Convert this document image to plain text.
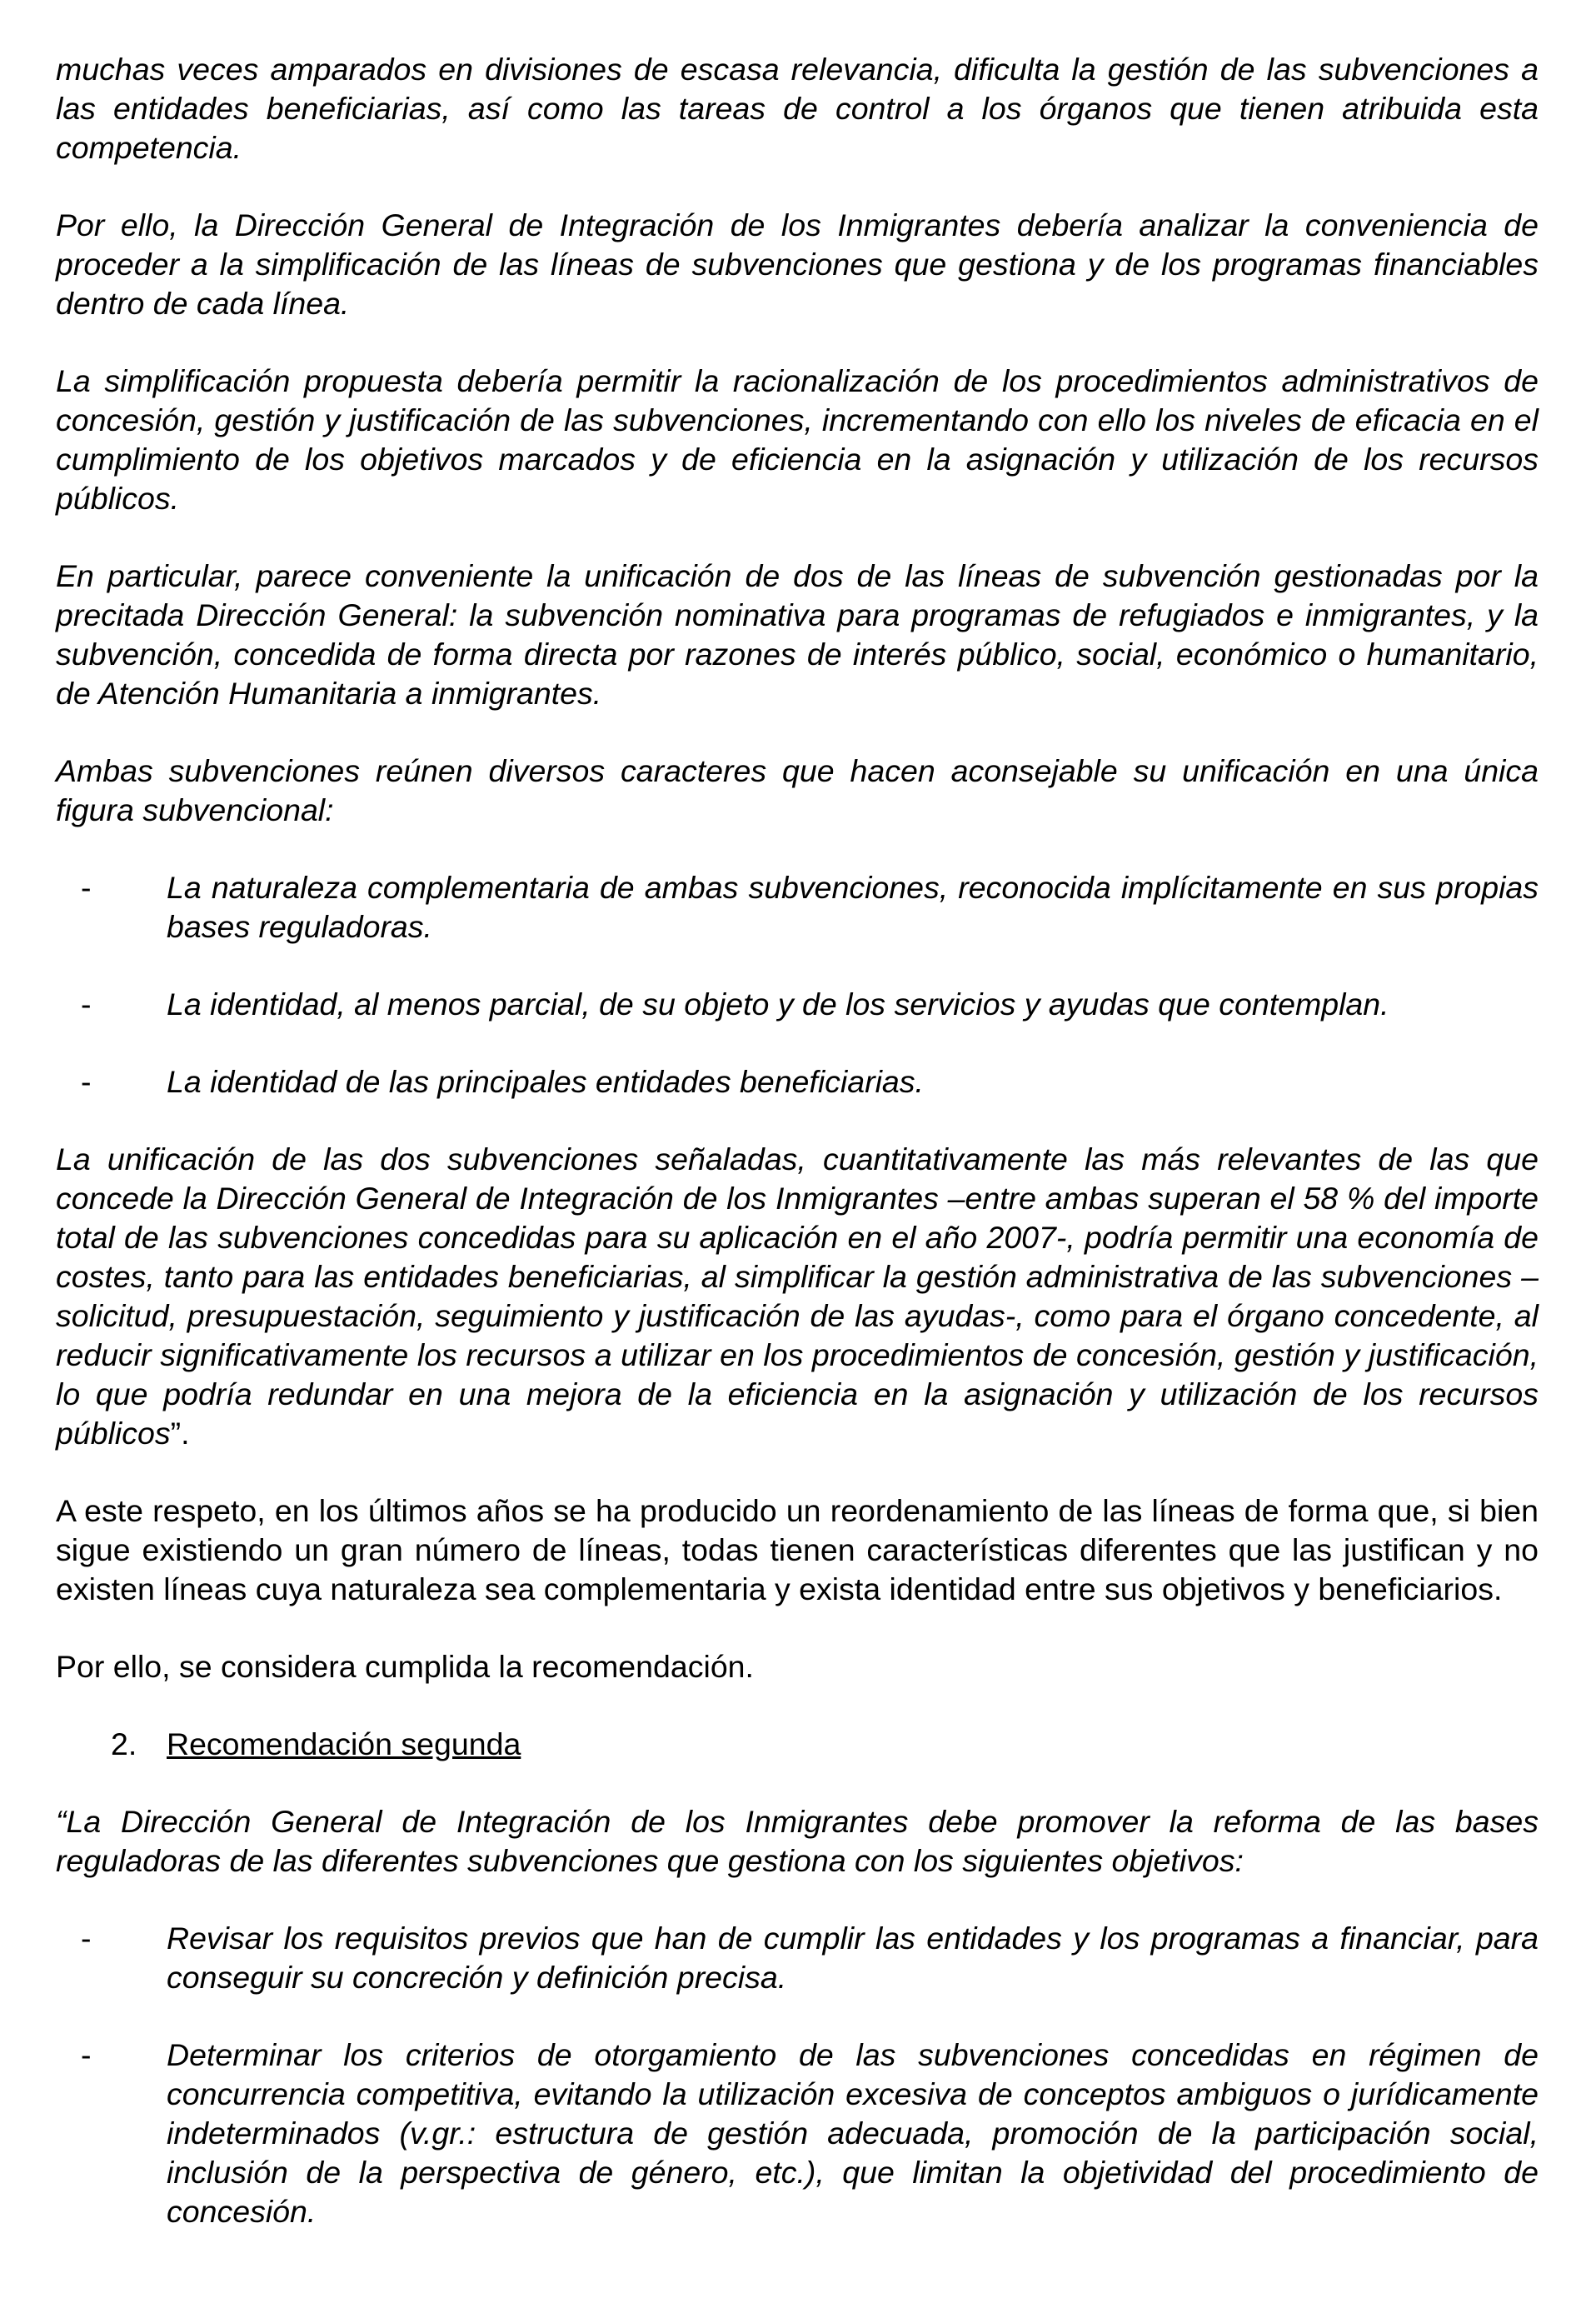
muchas veces amparados en divisiones de escasa relevancia, dificulta la gestión de las subvenciones a las entidades beneficiarias, así como las tareas de control a los órganos que tienen atribuida esta competencia.

Por ello, la Dirección General de Integración de los Inmigrantes debería analizar la conveniencia de proceder a la simplificación de las líneas de subvenciones que gestiona y de los programas financiables dentro de cada línea.

La simplificación propuesta debería permitir la racionalización de los procedimientos administrativos de concesión, gestión y justificación de las subvenciones, incrementando con ello los niveles de eficacia en el cumplimiento de los objetivos marcados y de eficiencia en la asignación y utilización de los recursos públicos.

En particular, parece conveniente la unificación de dos de las líneas de subvención gestionadas por la precitada Dirección General: la subvención nominativa para programas de refugiados e inmigrantes, y la subvención, concedida de forma directa por razones de interés público, social, económico o humanitario, de Atención Humanitaria a inmigrantes.

Ambas subvenciones reúnen diversos caracteres que hacen aconsejable su unificación en una única figura subvencional:

-	La naturaleza complementaria de ambas subvenciones, reconocida implícitamente en sus propias bases reguladoras.
-	La identidad, al menos parcial, de su objeto y de los servicios y ayudas que contemplan.
-	La identidad de las principales entidades beneficiarias.

La unificación de las dos subvenciones señaladas, cuantitativamente las más relevantes de las que concede la Dirección General de Integración de los Inmigrantes –entre ambas superan el 58 % del importe total de las subvenciones concedidas para su aplicación en el año 2007-, podría permitir una economía de costes, tanto para las entidades beneficiarias, al simplificar la gestión administrativa de las subvenciones –solicitud, presupuestación, seguimiento y justificación de las ayudas-, como para el órgano concedente, al reducir significativamente los recursos a utilizar en los procedimientos de concesión, gestión y justificación, lo que podría redundar en una mejora de la eficiencia en la asignación y utilización de los recursos públicos”.

A este respeto, en los últimos años se ha producido un reordenamiento de las líneas de forma que, si bien sigue existiendo un gran número de líneas, todas tienen características diferentes que las justifican y no existen líneas cuya naturaleza sea complementaria y exista identidad entre sus objetivos y beneficiarios.

Por ello, se considera cumplida la recomendación.

2. Recomendación segunda

“La Dirección General de Integración de los Inmigrantes debe promover la reforma de las bases reguladoras de las diferentes subvenciones que gestiona con los siguientes objetivos:

-	Revisar los requisitos previos que han de cumplir las entidades y los programas a financiar, para conseguir su concreción y definición precisa.
-	Determinar los criterios de otorgamiento de las subvenciones concedidas en régimen de concurrencia competitiva, evitando la utilización excesiva de conceptos ambiguos o jurídicamente indeterminados (v.gr.: estructura de gestión adecuada, promoción de la participación social, inclusión de la perspectiva de género, etc.), que limitan la objetividad del procedimiento de concesión.
